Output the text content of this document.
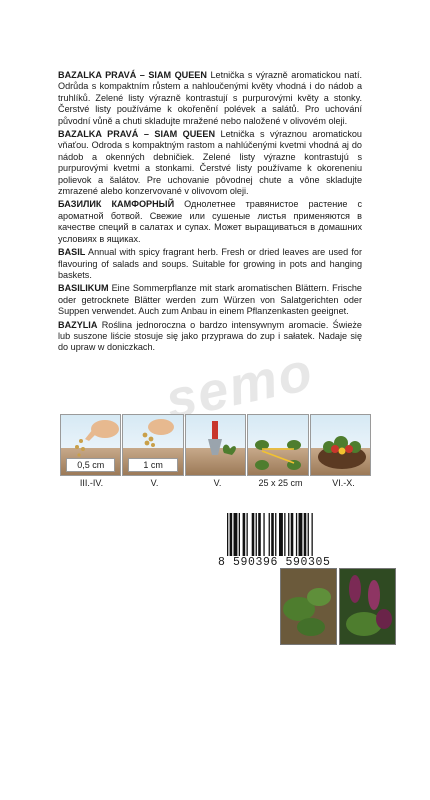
BAZALKA PRAVÁ – SIAM QUEEN Letnička s výrazně aromatickou natí. Odrůda s kompaktním růstem a nahloučenými květy vhodná i do nádob a truhlíků. Zelené listy výrazně kontrastují s purpurovými květy a stonky. Čerstvé listy používáme k okořenění polévek a salátů. Pro uchování původní vůně a chuti skladujte mražené nebo naložené v olivovém oleji.

BAZALKA PRAVÁ – SIAM QUEEN Letnička s výraznou aromatickou vňaťou. Odroda s kompaktným rastom a nahlúčenými kvetmi vhodná aj do nádob a okenných debničiek. Zelené listy výrazne kontrastujú s purpurovými kvetmi a stonkami. Čerstvé listy používame k okoreneniu polievok a šalátov. Pre uchovanie pôvodnej chute a vône skladujte zmrazené alebo konzervované v olivovom oleji.

БАЗИЛИК КАМФОРНЫЙ Однолетнее травянистое растение с ароматной ботвой. Свежие или сушеные листья применяются в качестве специй в салатах и супах. Может выращиваться в домашних условиях в ящиках.

BASIL Annual with spicy fragrant herb. Fresh or dried leaves are used for flavouring of salads and soups. Suitable for growing in pots and hanging baskets.

BASILIKUM Eine Sommerpflanze mit stark aromatischen Blättern. Frische oder getrocknete Blätter werden zum Würzen von Salatgerichten oder Suppen verwendet. Auch zum Anbau in einem Pflanzenkasten geeignet.

BAZYLIA Roślina jednoroczna o bardzo intensywnym aromacie. Świeże lub suszone liście stosuje się jako przyprawa do zup i sałatek. Nadaje się do upraw w doniczkach. semo
0,5 cm	1 cm
III.-IV.	V.	V.	25 x 25 cm	VI.-X.
8 590396 590305
